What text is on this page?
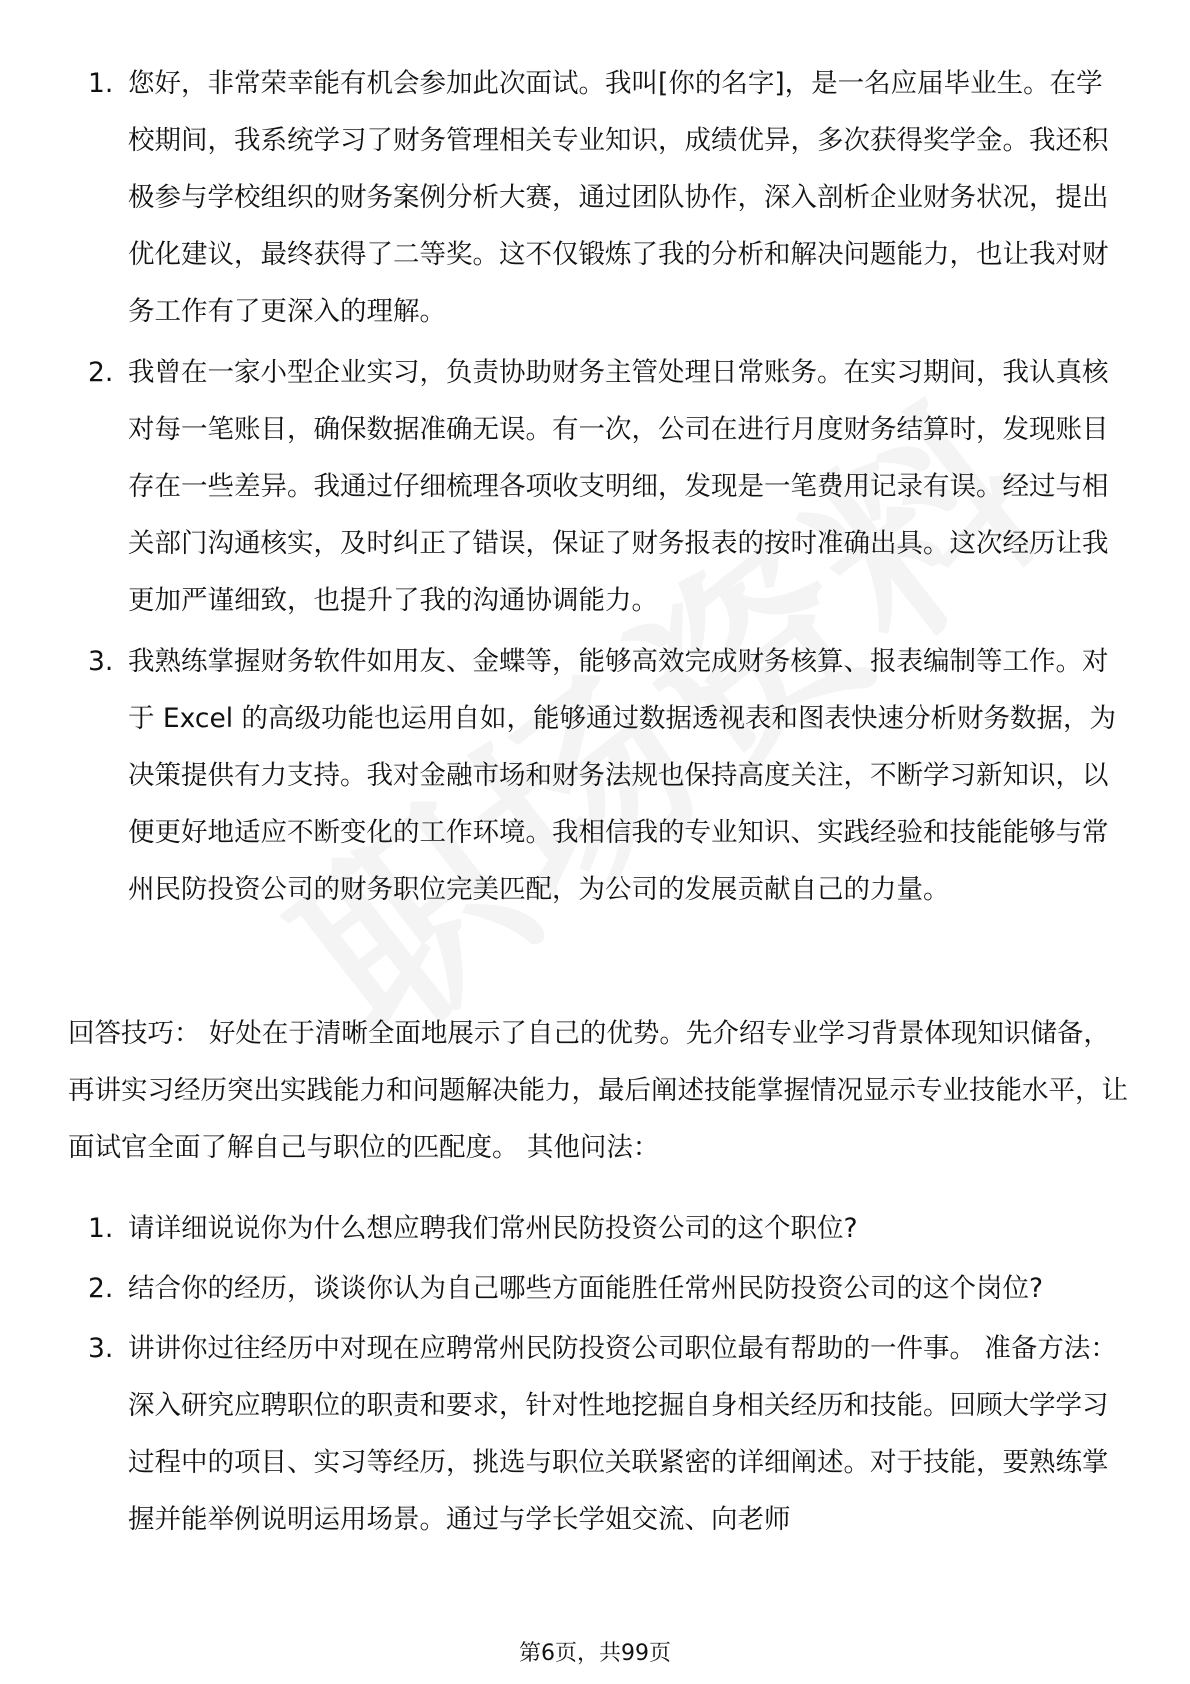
1. 您好，非常荣幸能有机会参加此次面试。我叫[你的名字]，是一名应届毕业生。在学校期间，我系统学习了财务管理相关专业知识，成绩优异，多次获得奖学金。我还积极参与学校组织的财务案例分析大赛，通过团队协作，深入剖析企业财务状况，提出优化建议，最终获得了二等奖。这不仅锻炼了我的分析和解决问题能力，也让我对财务工作有了更深入的理解。
2. 我曾在一家小型企业实习，负责协助财务主管处理日常账务。在实习期间，我认真核对每一笔账目，确保数据准确无误。有一次，公司在进行月度财务结算时，发现账目存在一些差异。我通过仔细梳理各项收支明细，发现是一笔费用记录有误。经过与相关部门沟通核实，及时纠正了错误，保证了财务报表的按时准确出具。这次经历让我更加严谨细致，也提升了我的沟通协调能力。
3. 我熟练掌握财务软件如用友、金蝶等，能够高效完成财务核算、报表编制等工作。对于 Excel 的高级功能也运用自如，能够通过数据透视表和图表快速分析财务数据，为决策提供有力支持。我对金融市场和财务法规也保持高度关注，不断学习新知识，以便更好地适应不断变化的工作环境。我相信我的专业知识、实践经验和技能能够与常州民防投资公司的财务职位完美匹配，为公司的发展贡献自己的力量。

回答技巧： 好处在于清晰全面地展示了自己的优势。先介绍专业学习背景体现知识储备，再讲实习经历突出实践能力和问题解决能力，最后阐述技能掌握情况显示专业技能水平，让面试官全面了解自己与职位的匹配度。 其他问法：

1. 请详细说说你为什么想应聘我们常州民防投资公司的这个职位?
2. 结合你的经历，谈谈你认为自己哪些方面能胜任常州民防投资公司的这个岗位?
3. 讲讲你过往经历中对现在应聘常州民防投资公司职位最有帮助的一件事。 准备方法： 深入研究应聘职位的职责和要求，针对性地挖掘自身相关经历和技能。回顾大学学习过程中的项目、实习等经历，挑选与职位关联紧密的详细阐述。对于技能，要熟练掌握并能举例说明运用场景。通过与学长学姐交流、向老师
第6页，共99页
